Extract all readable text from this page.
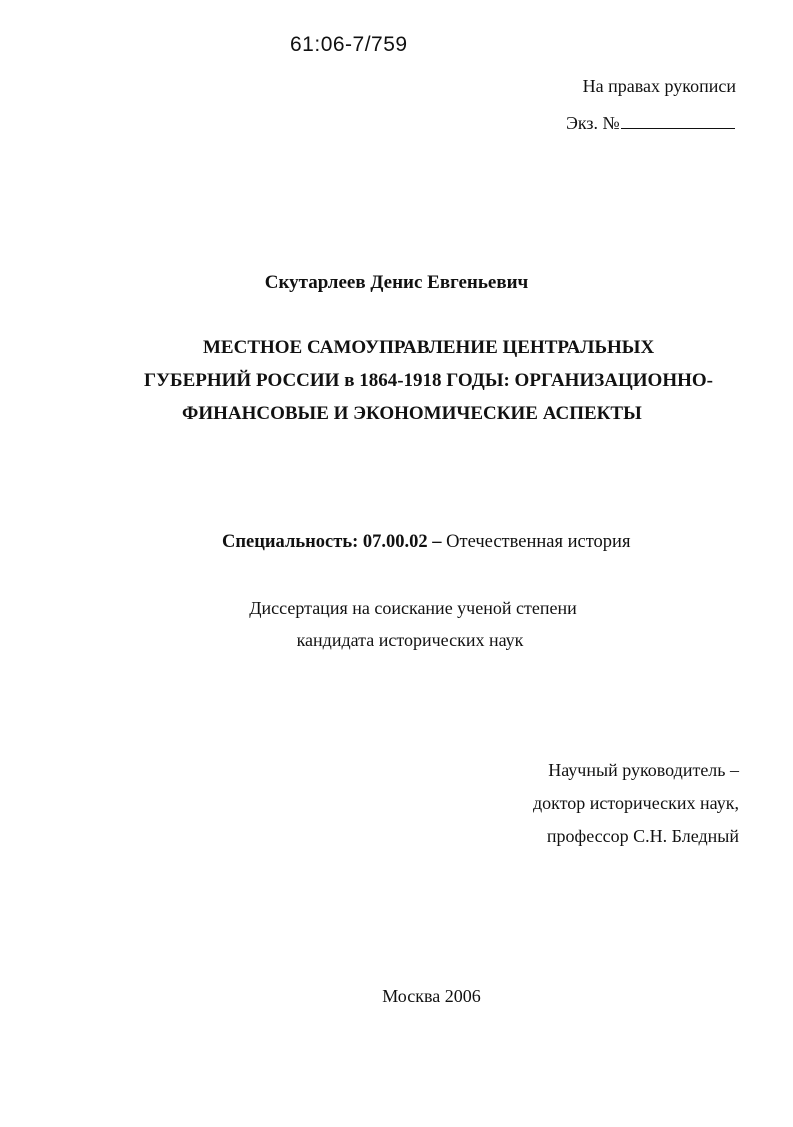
61:06-7/759
На правах рукописи
Экз. №
Скутарлеев Денис Евгеньевич
МЕСТНОЕ САМОУПРАВЛЕНИЕ ЦЕНТРАЛЬНЫХ
ГУБЕРНИЙ РОССИИ в 1864-1918 ГОДЫ: ОРГАНИЗАЦИОННО-
ФИНАНСОВЫЕ И ЭКОНОМИЧЕСКИЕ АСПЕКТЫ
Специальность: 07.00.02 – Отечественная история
Диссертация на соискание ученой степени
кандидата исторических наук
Научный руководитель –
доктор исторических наук,
профессор С.Н. Бледный
Москва 2006
